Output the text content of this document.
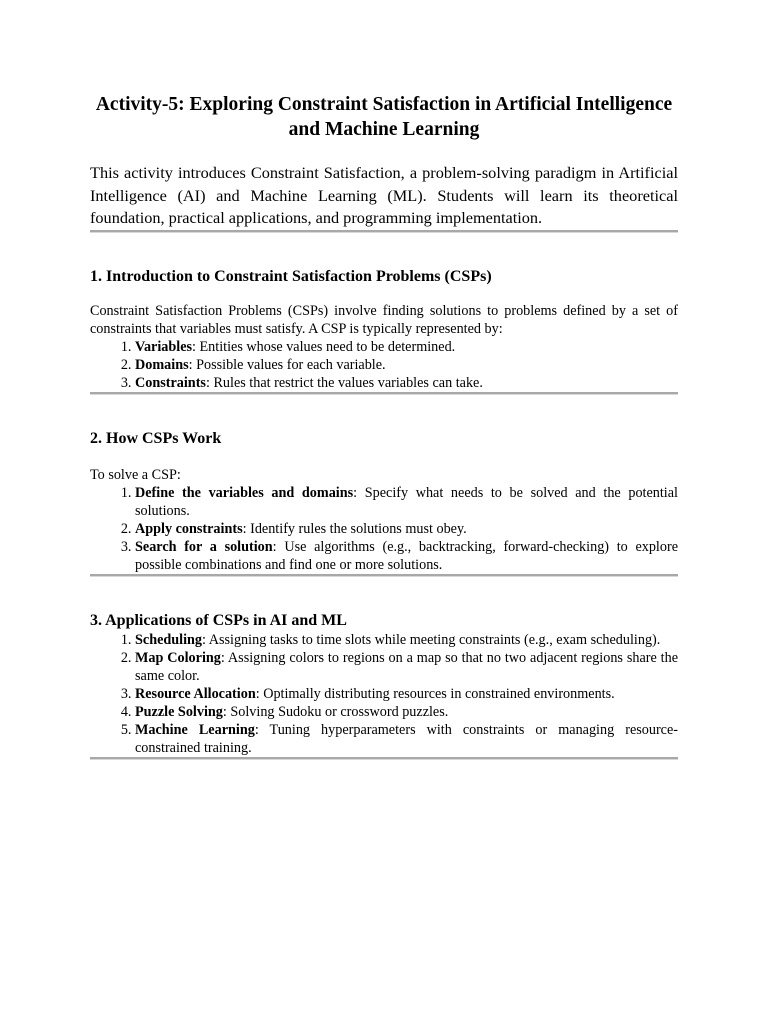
Activity-5: Exploring Constraint Satisfaction in Artificial Intelligence and Machine Learning

This activity introduces Constraint Satisfaction, a problem-solving paradigm in Artificial Intelligence (AI) and Machine Learning (ML). Students will learn its theoretical foundation, practical applications, and programming implementation.

1. Introduction to Constraint Satisfaction Problems (CSPs)

Constraint Satisfaction Problems (CSPs) involve finding solutions to problems defined by a set of constraints that variables must satisfy. A CSP is typically represented by:

1. Variables: Entities whose values need to be determined.
2. Domains: Possible values for each variable.
3. Constraints: Rules that restrict the values variables can take.
2. How CSPs Work

To solve a CSP:

1. Define the variables and domains: Specify what needs to be solved and the potential solutions.
2. Apply constraints: Identify rules the solutions must obey.
3. Search for a solution: Use algorithms (e.g., backtracking, forward-checking) to explore possible combinations and find one or more solutions.
3. Applications of CSPs in AI and ML
1. Scheduling: Assigning tasks to time slots while meeting constraints (e.g., exam scheduling).
2. Map Coloring: Assigning colors to regions on a map so that no two adjacent regions share the same color.
3. Resource Allocation: Optimally distributing resources in constrained environments.
4. Puzzle Solving: Solving Sudoku or crossword puzzles.
5. Machine Learning: Tuning hyperparameters with constraints or managing resource-constrained training.
